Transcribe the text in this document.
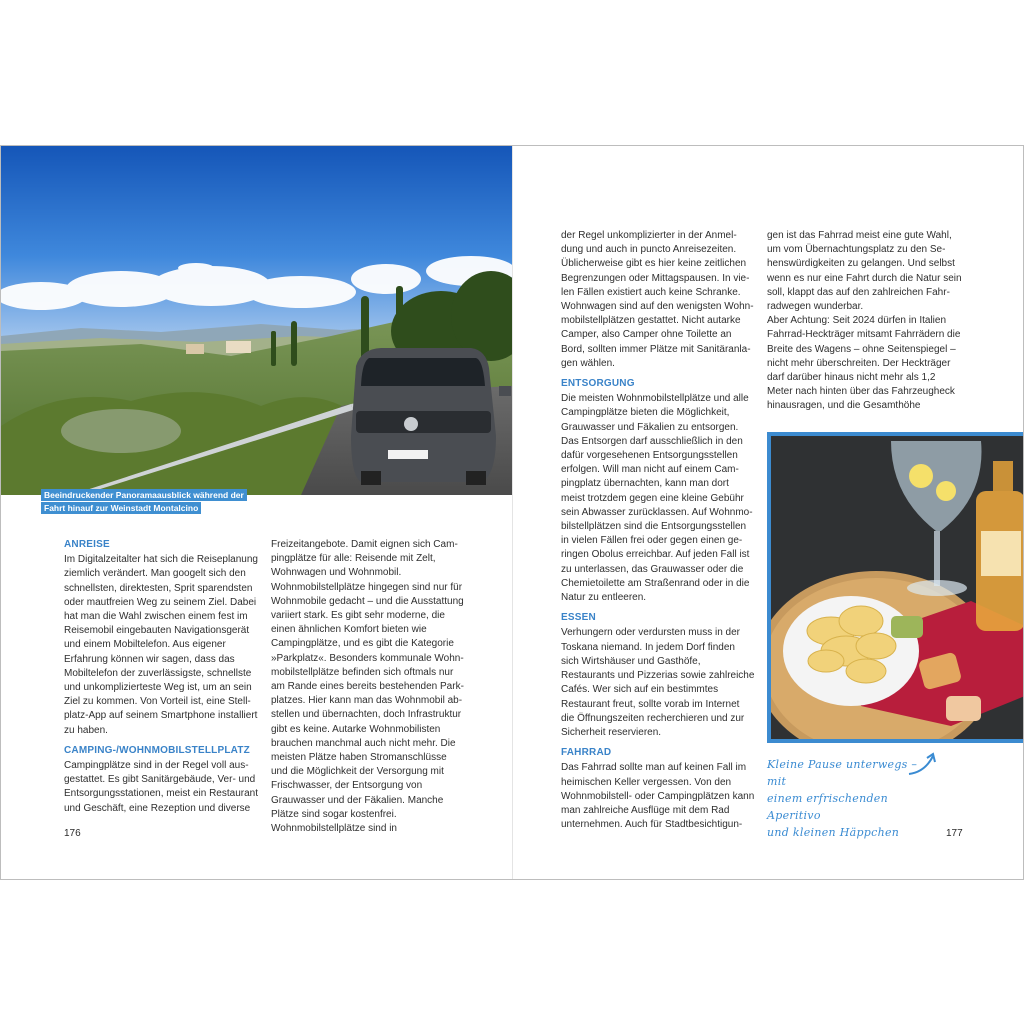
Beeindruckender Panoramaausblick während der
Fahrt hinauf zur Weinstadt Montalcino

ANREISE

Im Digitalzeitalter hat sich die Reiseplanung ziemlich verändert. Man googelt sich den schnellsten, direktesten, Sprit sparendsten oder mautfreien Weg zu seinem Ziel. Dabei hat man die Wahl zwischen einem fest im Reisemobil eingebauten Navigationsgerät und einem Mobiltelefon. Aus eigener Erfahrung können wir sagen, dass das Mobiltelefon der zuverlässigste, schnellste und unkomplizierteste Weg ist, um an sein Ziel zu kommen. Von Vorteil ist, eine Stellplatz-App auf seinem Smartphone installiert zu haben.

CAMPING-/WOHNMOBILSTELLPLATZ

Campingplätze sind in der Regel voll ausgestattet. Es gibt Sanitärgebäude, Ver- und Entsorgungsstationen, meist ein Restaurant und Geschäft, eine Rezeption und diverse

Freizeitangebote. Damit eignen sich Campingplätze für alle: Reisende mit Zelt, Wohnwagen und Wohnmobil. Wohnmobilstellplätze hingegen sind nur für Wohnmobile gedacht – und die Ausstattung variiert stark. Es gibt sehr moderne, die einen ähnlichen Komfort bieten wie Campingplätze, und es gibt die Kategorie »Parkplatz«. Besonders kommunale Wohnmobilstellplätze befinden sich oftmals nur am Rande eines bereits bestehenden Parkplatzes. Hier kann man das Wohnmobil abstellen und übernachten, doch Infrastruktur gibt es keine. Autarke Wohnmobilisten brauchen manchmal auch nicht mehr. Die meisten Plätze haben Stromanschlüsse und die Möglichkeit der Versorgung mit Frischwasser, der Entsorgung von Grauwasser und der Fäkalien. Manche Plätze sind sogar kostenfrei. Wohnmobilstellplätze sind in

der Regel unkomplizierter in der Anmeldung und auch in puncto Anreisezeiten. Üblicherweise gibt es hier keine zeitlichen Begrenzungen oder Mittagspausen. In vielen Fällen existiert auch keine Schranke. Wohnwagen sind auf den wenigsten Wohnmobilstellplätzen gestattet. Nicht autarke Camper, also Camper ohne Toilette an Bord, sollten immer Plätze mit Sanitäranlagen wählen.

ENTSORGUNG

Die meisten Wohnmobilstellplätze und alle Campingplätze bieten die Möglichkeit, Grauwasser und Fäkalien zu entsorgen. Das Entsorgen darf ausschließlich in den dafür vorgesehenen Entsorgungsstellen erfolgen. Will man nicht auf einem Campingplatz übernachten, kann man dort meist trotzdem gegen eine kleine Gebühr sein Abwasser zurücklassen. Auf Wohnmobilstellplätzen sind die Entsorgungsstellen in vielen Fällen frei oder gegen einen geringen Obolus erreichbar. Auf jeden Fall ist zu unterlassen, das Grauwasser oder die Chemietoilette am Straßenrand oder in die Natur zu entleeren.

ESSEN

Verhungern oder verdursten muss in der Toskana niemand. In jedem Dorf finden sich Wirtshäuser und Gasthöfe, Restaurants und Pizzerias sowie zahlreiche Cafés. Wer sich auf ein bestimmtes Restaurant freut, sollte vorab im Internet die Öffnungszeiten recherchieren und zur Sicherheit reservieren.

FAHRRAD

Das Fahrrad sollte man auf keinen Fall im heimischen Keller vergessen. Von den Wohnmobilstell- oder Campingplätzen kann man zahlreiche Ausflüge mit dem Rad unternehmen. Auch für Stadtbesichtigun-

gen ist das Fahrrad meist eine gute Wahl, um vom Übernachtungsplatz zu den Sehenswürdigkeiten zu gelangen. Und selbst wenn es nur eine Fahrt durch die Natur sein soll, klappt das auf den zahlreichen Fahrradwegen wunderbar.

Aber Achtung: Seit 2024 dürfen in Italien Fahrrad-Heckträger mitsamt Fahrrädern die Breite des Wagens – ohne Seitenspiegel – nicht mehr überschreiten. Der Heckträger darf darüber hinaus nicht mehr als 1,2 Meter nach hinten über das Fahrzeugheck hinausragen, und die Gesamthöhe

Kleine Pause unterwegs – mit
einem erfrischenden Aperitivo
und kleinen Häppchen
176	177
